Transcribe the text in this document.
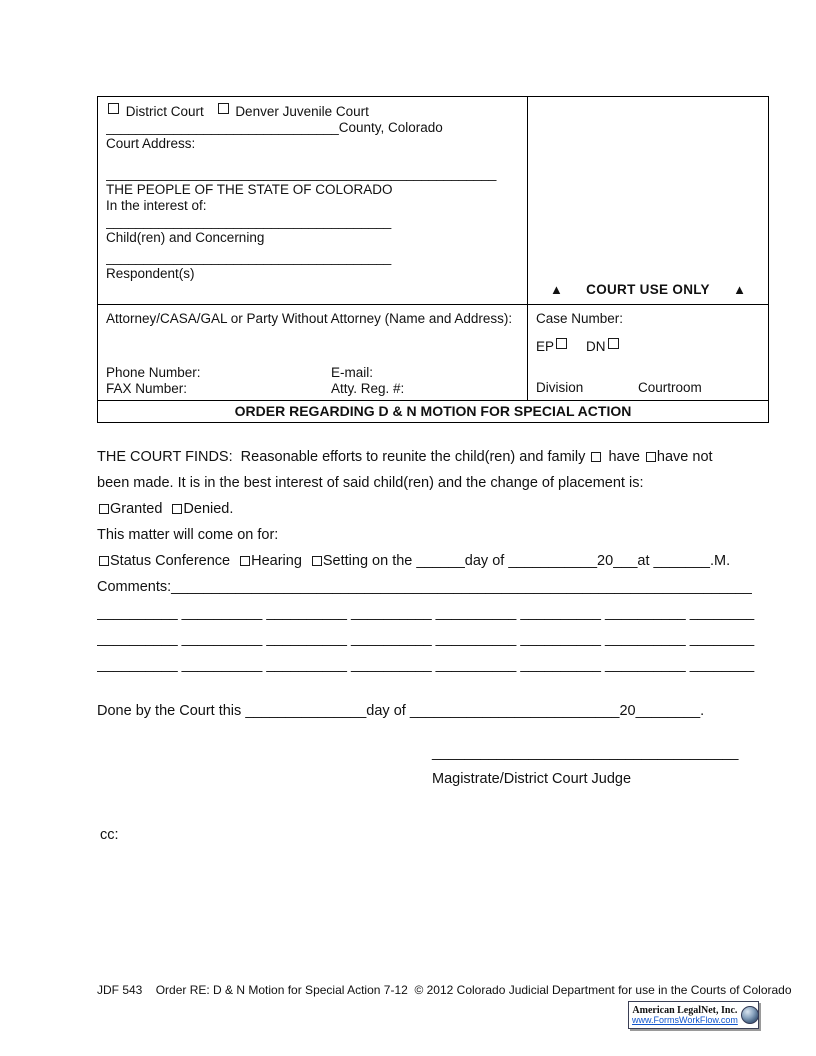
District Court Denver Juvenile Court
_______________________________County, Colorado
Court Address:
____________________________________________________
THE PEOPLE OF THE STATE OF COLORADO
In the interest of:
______________________________________
Child(ren) and Concerning
______________________________________
Respondent(s)
▲	COURT USE ONLY	▲
Attorney/CASA/GAL or Party Without Attorney (Name and Address):
Phone Number:	E-mail:
FAX Number:	Atty. Reg. #:
Case Number:
EP DN
Division	Courtroom
ORDER REGARDING D & N MOTION FOR SPECIAL ACTION
THE COURT FINDS:  Reasonable efforts to reunite the child(ren) and family have have not
been made. It is in the best interest of said child(ren) and the change of placement is:
Granted Denied.
This matter will come on for:
Status Conference Hearing Setting on the ______day of ___________20___at _______.M.
Comments:________________________________________________________________________
__________ __________ __________ __________ __________ __________ __________ ________
__________ __________ __________ __________ __________ __________ __________ ________
__________ __________ __________ __________ __________ __________ __________ ________
Done by the Court this _______________day of __________________________20________.
______________________________________
Magistrate/District Court Judge
cc:
JDF 543    Order RE: D & N Motion for Special Action 7-12  © 2012 Colorado Judicial Department for use in the Courts of Colorado
American LegalNet, Inc.
www.FormsWorkFlow.com
